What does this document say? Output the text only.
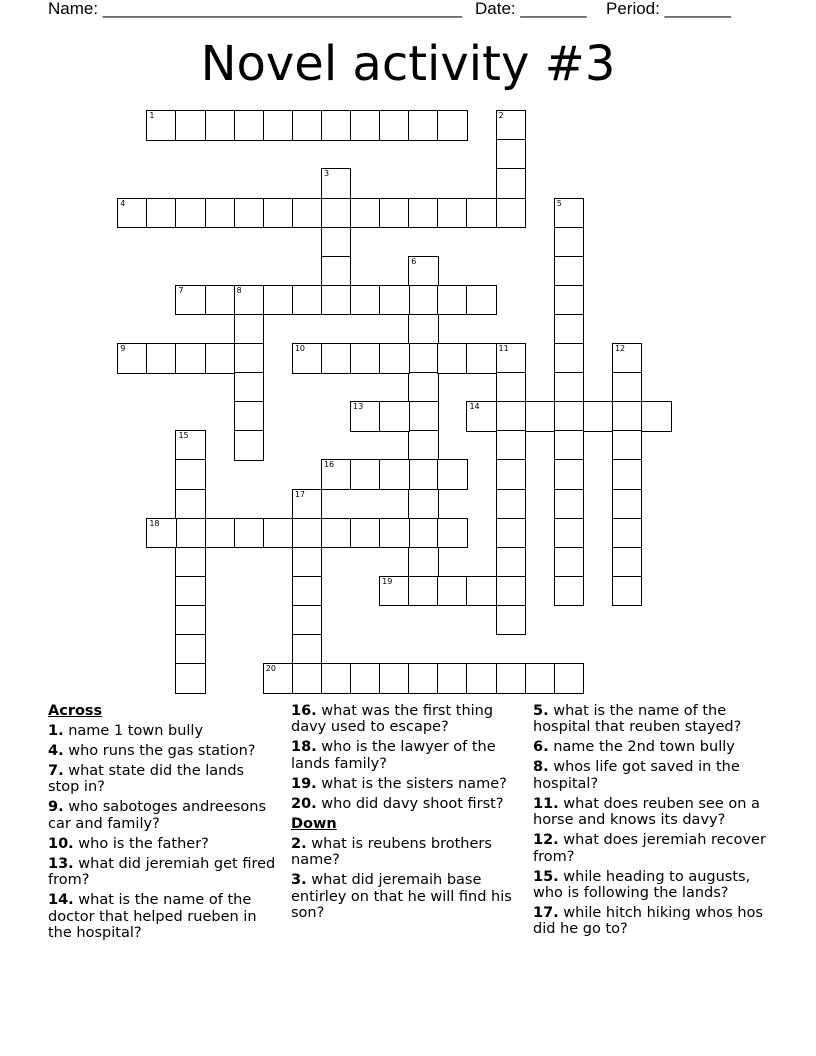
Name: ______________________________________ Date: _______ Period: _______
Novel activity #3
1	2
3
4	5
6
7	8
9	10	11	12
13	14
15
16
17
18
19
20
Across
1. name 1 town bully
4. who runs the gas station?
7. what state did the lands stop in?
9. who sabotoges andreesons car and family?
10. who is the father?
13. what did jeremiah get fired from?
14. what is the name of the doctor that helped rueben in the hospital?
16. what was the first thing davy used to escape?
18. who is the lawyer of the lands family?
19. what is the sisters name?
20. who did davy shoot first?
Down
2. what is reubens brothers name?
3. what did jeremaih base entirley on that he will find his son?
5. what is the name of the hospital that reuben stayed?
6. name the 2nd town bully
8. whos life got saved in the hospital?
11. what does reuben see on a horse and knows its davy?
12. what does jeremiah recover from?
15. while heading to augusts, who is following the lands?
17. while hitch hiking whos hos did he go to?
